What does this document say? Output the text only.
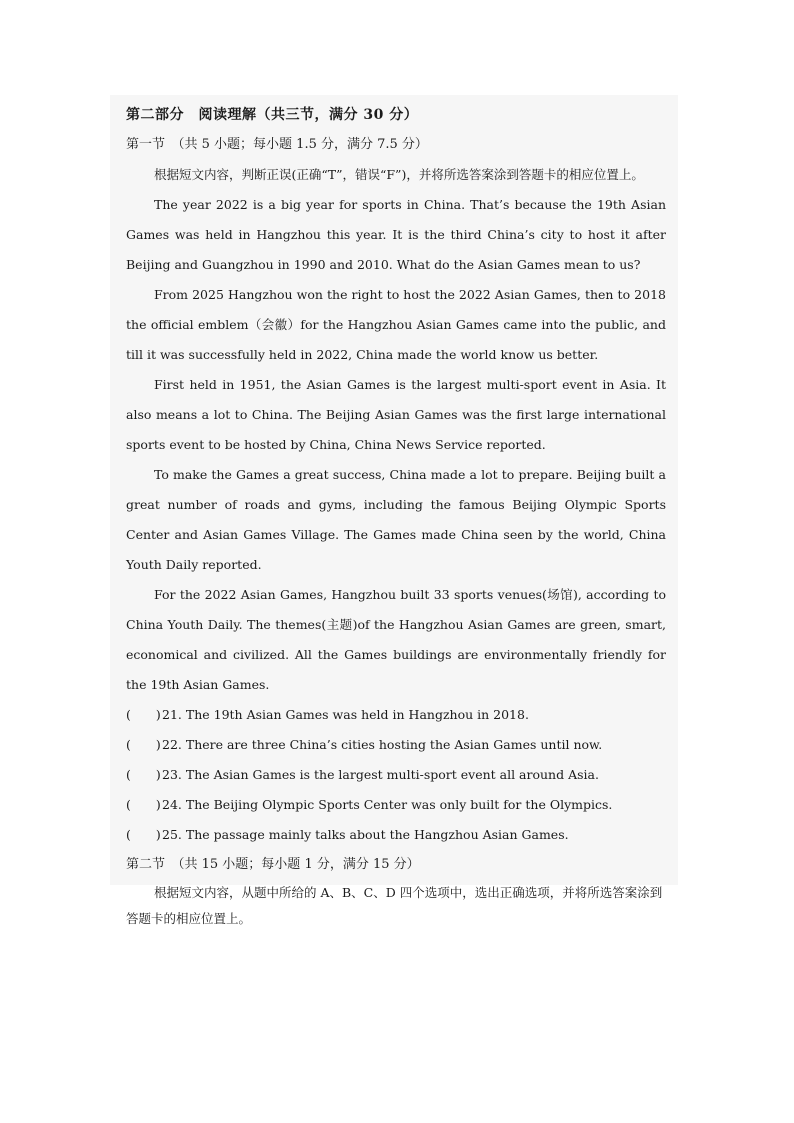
第二部分　阅读理解（共三节，满分 30 分）
第一节　（共 5 小题；每小题 1.5 分，满分 7.5 分）

根据短文内容，判断正误(正确“T”，错误“F”)，并将所选答案涂到答题卡的相应位置上。

The year 2022 is a big year for sports in China. That’s because the 19th Asian Games was held in Hangzhou this year. It is the third China’s city to host it after Beijing and Guangzhou in 1990 and 2010. What do the Asian Games mean to us?

From 2025 Hangzhou won the right to host the 2022 Asian Games, then to 2018 the official emblem（会徽）for the Hangzhou Asian Games came into the public, and till it was successfully held in 2022, China made the world know us better.

First held in 1951, the Asian Games is the largest multi-sport event in Asia. It also means a lot to China. The Beijing Asian Games was the first large international sports event to be hosted by China, China News Service reported.

To make the Games a great success, China made a lot to prepare. Beijing built a great number of roads and gyms, including the famous Beijing Olympic Sports Center and Asian Games Village. The Games made China seen by the world, China Youth Daily reported.

For the 2022 Asian Games, Hangzhou built 33 sports venues(场馆), according to China Youth Daily. The themes(主题)of the Hangzhou Asian Games are green, smart, economical and civilized. All the Games buildings are environmentally friendly for the 19th Asian Games.

(　　) 21. The 19th Asian Games was held in Hangzhou in 2018.
(　　) 22. There are three China’s cities hosting the Asian Games until now.
(　　) 23. The Asian Games is the largest multi-sport event all around Asia.
(　　) 24. The Beijing Olympic Sports Center was only built for the Olympics.
(　　) 25. The passage mainly talks about the Hangzhou Asian Games.
第二节　（共 15 小题；每小题 1 分，满分 15 分）

根据短文内容，从题中所给的 A、B、C、D 四个选项中，选出正确选项，并将所选答案涂到答题卡的相应位置上。
